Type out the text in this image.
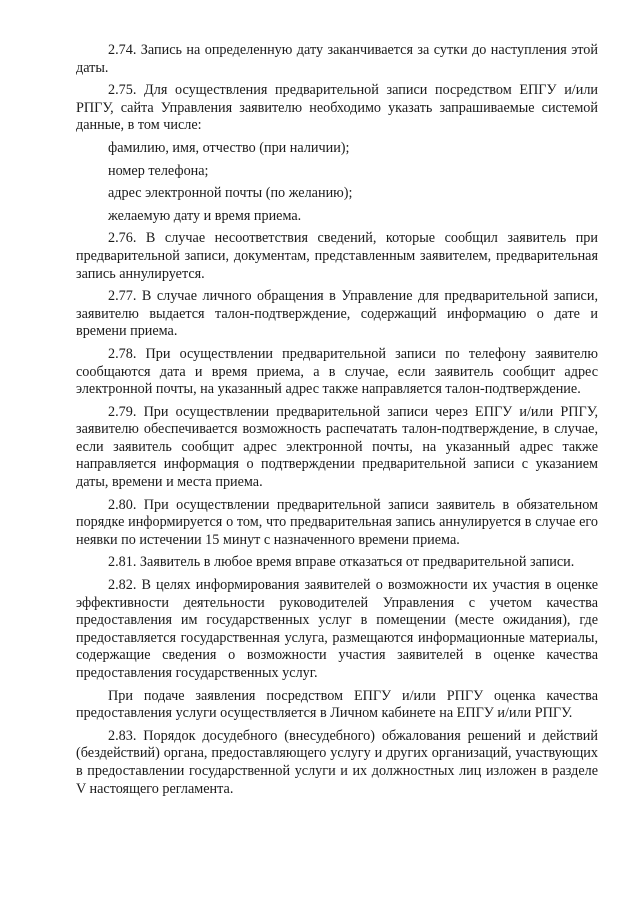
2.74. Запись на определенную дату заканчивается за сутки до наступления этой даты.

2.75. Для осуществления предварительной записи посредством ЕПГУ и/или РПГУ, сайта Управления заявителю необходимо указать запрашиваемые системой данные, в том числе:

фамилию, имя, отчество (при наличии);

номер телефона;

адрес электронной почты (по желанию);

желаемую дату и время приема.

2.76. В случае несоответствия сведений, которые сообщил заявитель при предварительной записи, документам, представленным заявителем, предварительная запись аннулируется.

2.77. В случае личного обращения в Управление для предварительной записи, заявителю выдается талон-подтверждение, содержащий информацию о дате и времени приема.

2.78. При осуществлении предварительной записи по телефону заявителю сообщаются дата и время приема, а в случае, если заявитель сообщит адрес электронной почты, на указанный адрес также направляется талон-подтверждение.

2.79. При осуществлении предварительной записи через ЕПГУ и/или РПГУ, заявителю обеспечивается возможность распечатать талон-подтверждение, в случае, если заявитель сообщит адрес электронной почты, на указанный адрес также направляется информация о подтверждении предварительной записи с указанием даты, времени и места приема.

2.80. При осуществлении предварительной записи заявитель в обязательном порядке информируется о том, что предварительная запись аннулируется в случае его неявки по истечении 15 минут с назначенного времени приема.

2.81. Заявитель в любое время вправе отказаться от предварительной записи.

2.82. В целях информирования заявителей о возможности их участия в оценке эффективности деятельности руководителей Управления с учетом качества предоставления им государственных услуг в помещении (месте ожидания), где предоставляется государственная услуга, размещаются информационные материалы, содержащие сведения о возможности участия заявителей в оценке качества предоставления государственных услуг.

При подаче заявления посредством ЕПГУ и/или РПГУ оценка качества предоставления услуги осуществляется в Личном кабинете на ЕПГУ и/или РПГУ.

2.83. Порядок досудебного (внесудебного) обжалования решений и действий (бездействий) органа, предоставляющего услугу и других организаций, участвующих в предоставлении государственной услуги и их должностных лиц изложен в разделе V настоящего регламента.
